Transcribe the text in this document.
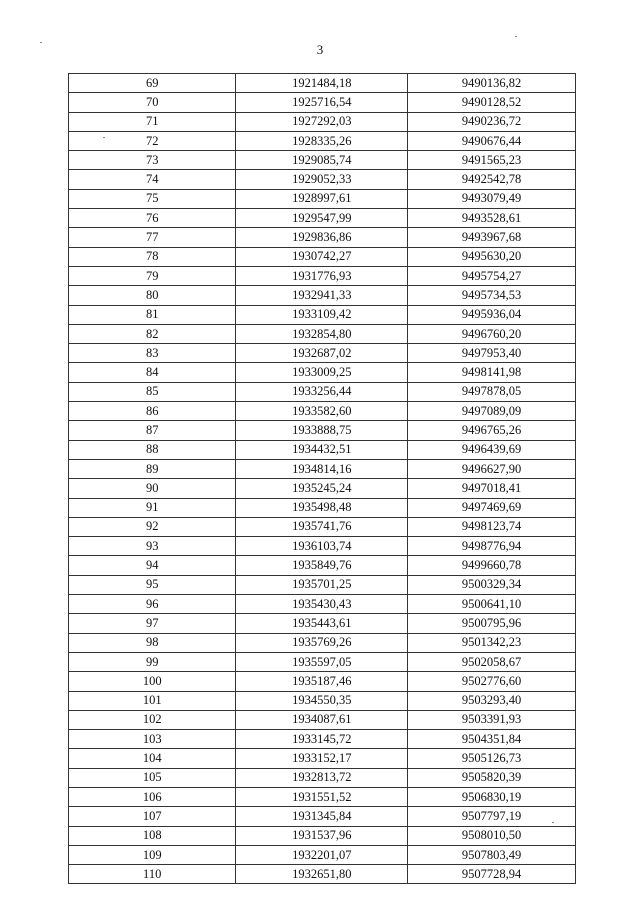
3
69	1921484,18	9490136,82
70	1925716,54	9490128,52
71	1927292,03	9490236,72
72	1928335,26	9490676,44
73	1929085,74	9491565,23
74	1929052,33	9492542,78
75	1928997,61	9493079,49
76	1929547,99	9493528,61
77	1929836,86	9493967,68
78	1930742,27	9495630,20
79	1931776,93	9495754,27
80	1932941,33	9495734,53
81	1933109,42	9495936,04
82	1932854,80	9496760,20
83	1932687,02	9497953,40
84	1933009,25	9498141,98
85	1933256,44	9497878,05
86	1933582,60	9497089,09
87	1933888,75	9496765,26
88	1934432,51	9496439,69
89	1934814,16	9496627,90
90	1935245,24	9497018,41
91	1935498,48	9497469,69
92	1935741,76	9498123,74
93	1936103,74	9498776,94
94	1935849,76	9499660,78
95	1935701,25	9500329,34
96	1935430,43	9500641,10
97	1935443,61	9500795,96
98	1935769,26	9501342,23
99	1935597,05	9502058,67
100	1935187,46	9502776,60
101	1934550,35	9503293,40
102	1934087,61	9503391,93
103	1933145,72	9504351,84
104	1933152,17	9505126,73
105	1932813,72	9505820,39
106	1931551,52	9506830,19
107	1931345,84	9507797,19
108	1931537,96	9508010,50
109	1932201,07	9507803,49
110	1932651,80	9507728,94
